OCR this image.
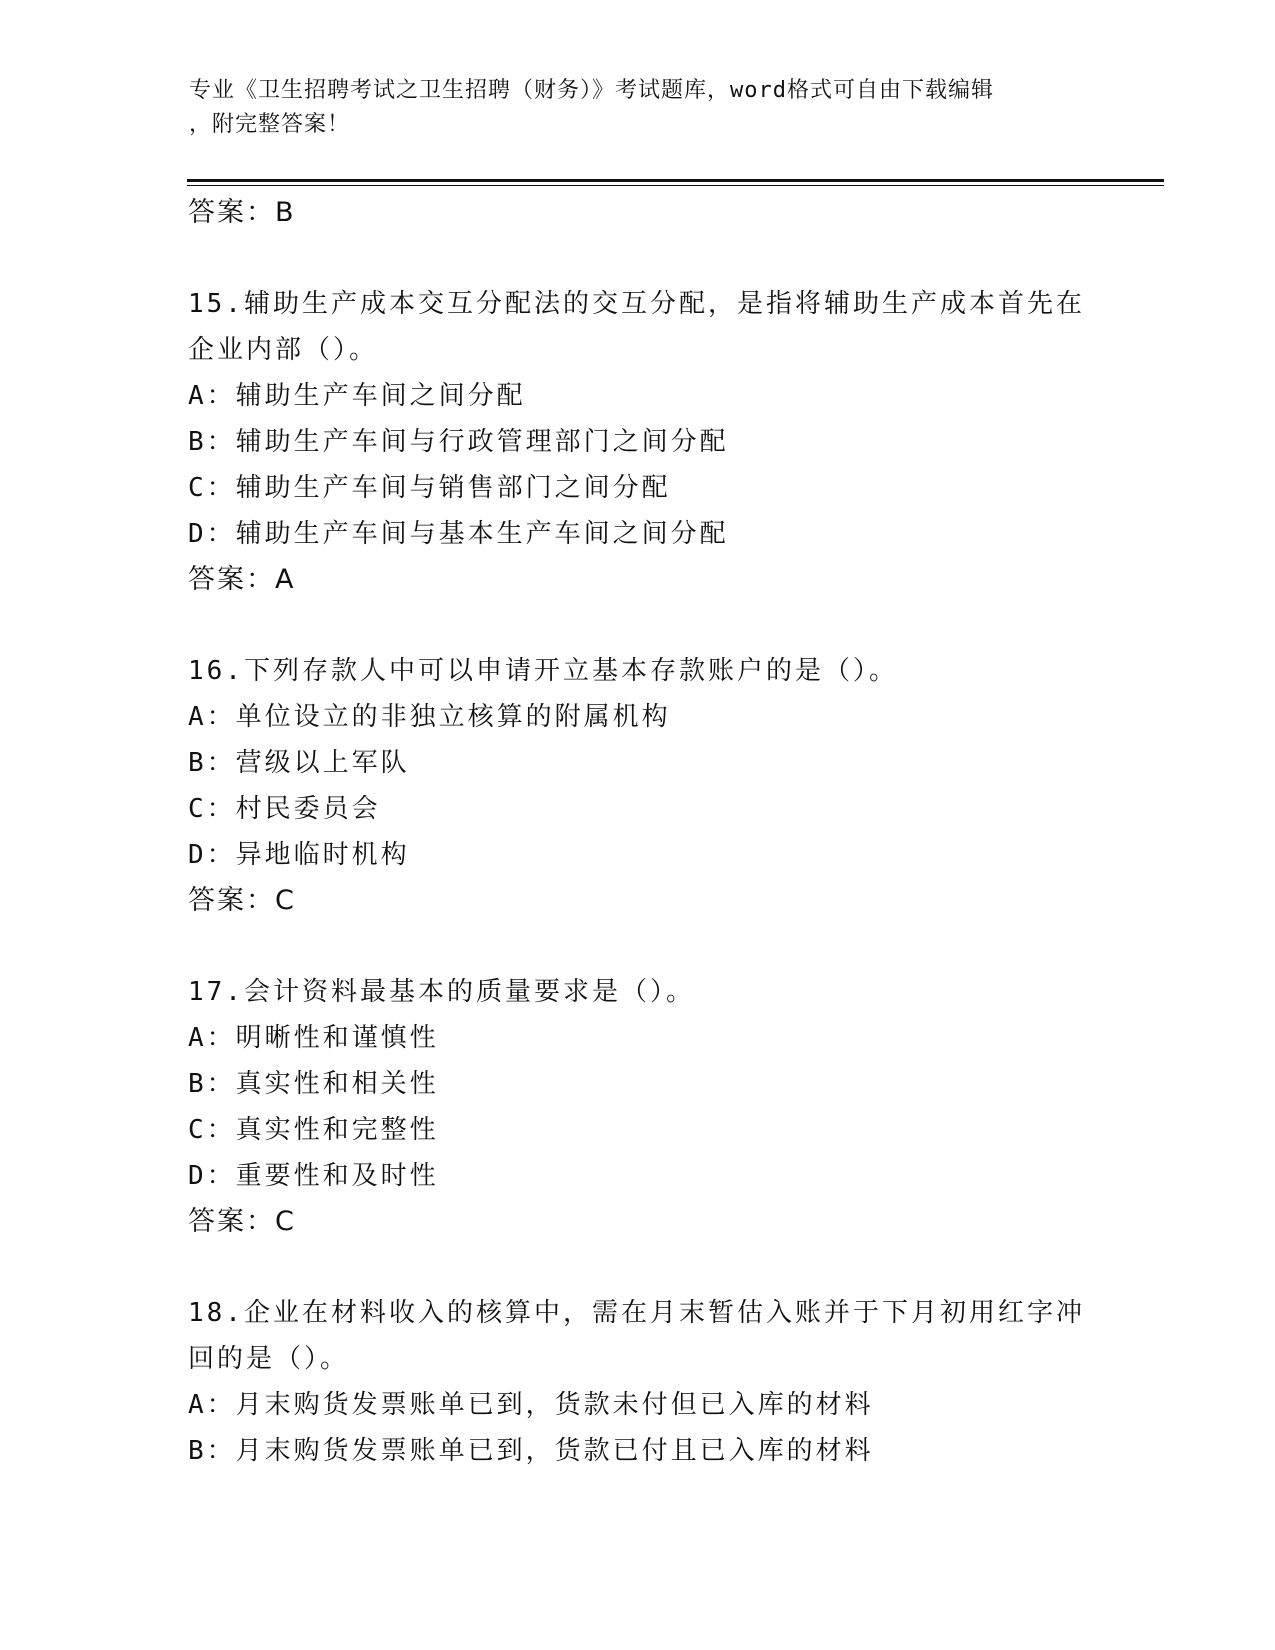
专业《卫生招聘考试之卫生招聘（财务）》考试题库，word格式可自由下载编辑
，附完整答案！
答案：B
15.辅助生产成本交互分配法的交互分配，是指将辅助生产成本首先在
企业内部（）。
A：辅助生产车间之间分配
B：辅助生产车间与行政管理部门之间分配
C：辅助生产车间与销售部门之间分配
D：辅助生产车间与基本生产车间之间分配
答案：A
16.下列存款人中可以申请开立基本存款账户的是（）。
A：单位设立的非独立核算的附属机构
B：营级以上军队
C：村民委员会
D：异地临时机构
答案：C
17.会计资料最基本的质量要求是（）。
A：明晰性和谨慎性
B：真实性和相关性
C：真实性和完整性
D：重要性和及时性
答案：C
18.企业在材料收入的核算中，需在月末暂估入账并于下月初用红字冲
回的是（）。
A：月末购货发票账单已到，货款未付但已入库的材料
B：月末购货发票账单已到，货款已付且已入库的材料
